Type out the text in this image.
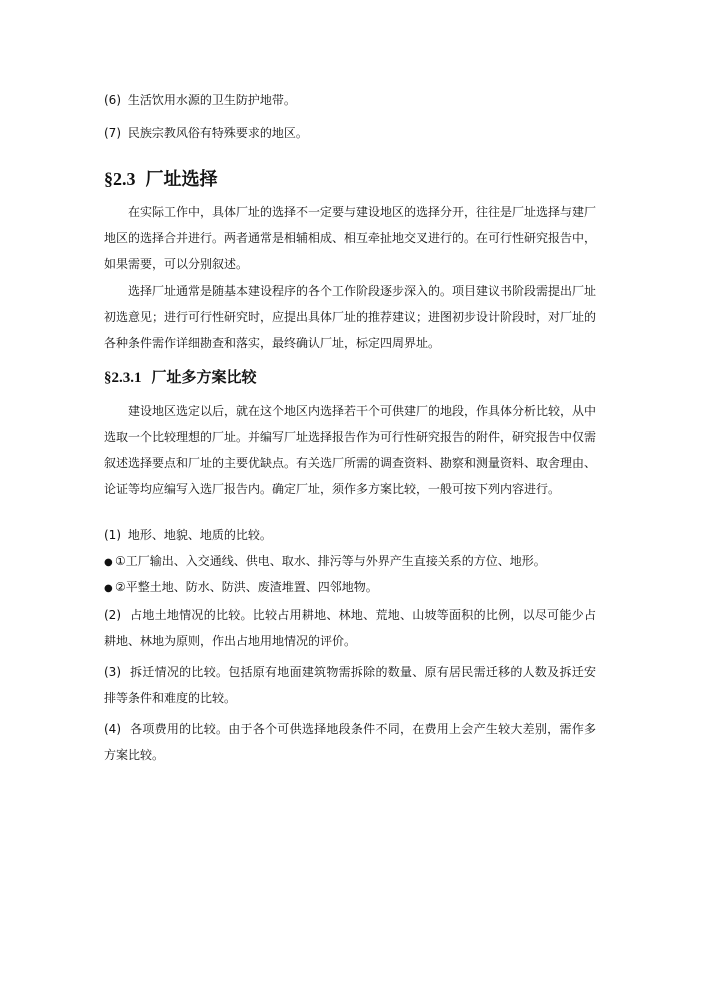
(6) 生活饮用水源的卫生防护地带。
(7) 民族宗教风俗有特殊要求的地区。
§2.3 厂址选择
在实际工作中，具体厂址的选择不一定要与建设地区的选择分开，往往是厂址选择与建厂地区的选择合并进行。两者通常是相辅相成、相互牵扯地交叉进行的。在可行性研究报告中，如果需要，可以分别叙述。
选择厂址通常是随基本建设程序的各个工作阶段逐步深入的。项目建议书阶段需提出厂址初选意见；进行可行性研究时，应提出具体厂址的推荐建议；进图初步设计阶段时，对厂址的各种条件需作详细勘查和落实，最终确认厂址，标定四周界址。
§2.3.1 厂址多方案比较
建设地区选定以后，就在这个地区内选择若干个可供建厂的地段，作具体分析比较，从中选取一个比较理想的厂址。并编写厂址选择报告作为可行性研究报告的附件，研究报告中仅需叙述选择要点和厂址的主要优缺点。有关选厂所需的调查资料、勘察和测量资料、取舍理由、论证等均应编写入选厂报告内。确定厂址，须作多方案比较，一般可按下列内容进行。
(1) 地形、地貌、地质的比较。
● ①工厂输出、入交通线、供电、取水、排污等与外界产生直接关系的方位、地形。
● ②平整土地、防水、防洪、废渣堆置、四邻地物。
(2) 占地土地情况的比较。比较占用耕地、林地、荒地、山坡等面积的比例，以尽可能少占耕地、林地为原则，作出占地用地情况的评价。
(3) 拆迁情况的比较。包括原有地面建筑物需拆除的数量、原有居民需迁移的人数及拆迁安排等条件和难度的比较。
(4) 各项费用的比较。由于各个可供选择地段条件不同，在费用上会产生较大差别，需作多方案比较。
